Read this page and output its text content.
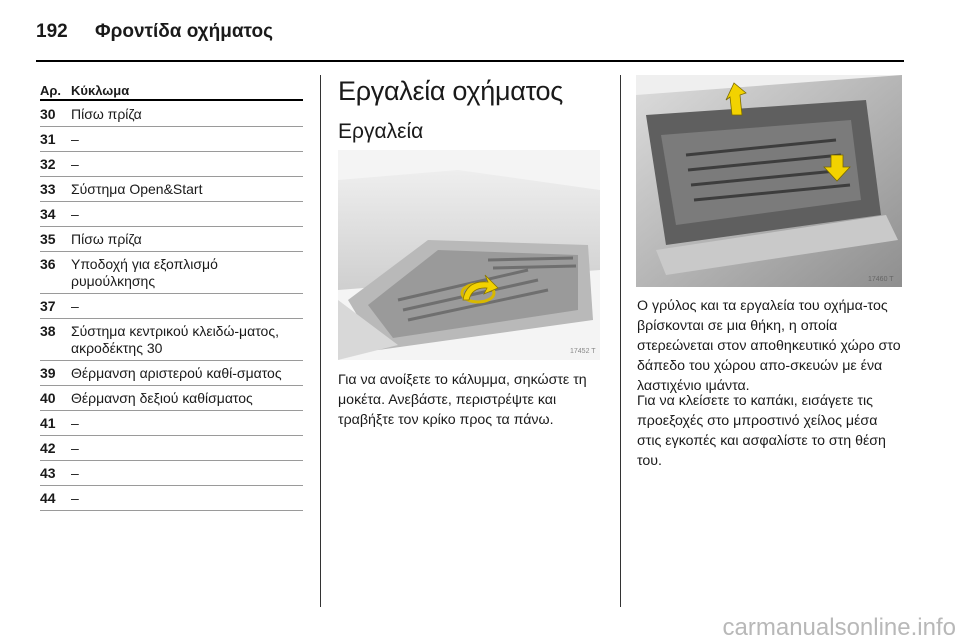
192 Φροντίδα οχήματος
Αρ. Κύκλωμα
30	Πίσω πρίζα
31	–
32	–
33	Σύστημα Open&Start
34	–
35	Πίσω πρίζα
36	Υποδοχή για εξοπλισμό ρυμούλκησης
37	–
38	Σύστημα κεντρικού κλειδώ-ματος, ακροδέκτης 30
39	Θέρμανση αριστερού καθί-σματος
40	Θέρμανση δεξιού καθίσματος
41	–
42	–
43	–
44	–
Εργαλεία οχήματος
Εργαλεία
17452 T
Για να ανοίξετε το κάλυμμα, σηκώστε τη μοκέτα. Ανεβάστε, περιστρέψτε και τραβήξτε τον κρίκο προς τα πάνω.
17460 T
Ο γρύλος και τα εργαλεία του οχήμα-τος βρίσκονται σε μια θήκη, η οποία στερεώνεται στον αποθηκευτικό χώρο στο δάπεδο του χώρου απο-σκευών με ένα λαστιχένιο ιμάντα.
Για να κλείσετε το καπάκι, εισάγετε τις προεξοχές στο μπροστινό χείλος μέσα στις εγκοπές και ασφαλίστε το στη θέση του.
carmanualsonline.info
